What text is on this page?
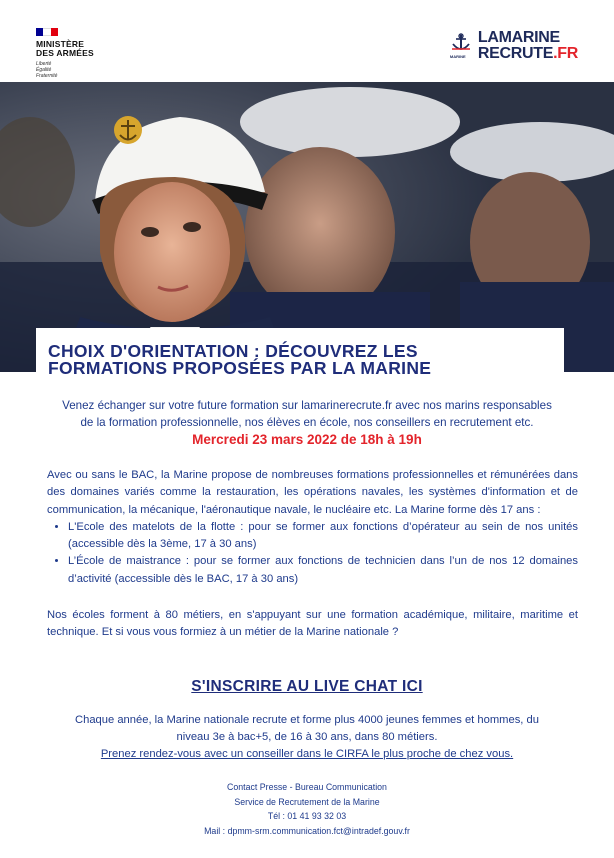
MINISTÈRE
DES ARMÉES
Liberté
Égalité
Fraternité
MARINE
LAMARINE
RECRUTE.FR
CHOIX D'ORIENTATION : DÉCOUVREZ LES
FORMATIONS PROPOSÉES PAR LA MARINE
Venez échanger sur votre future formation sur lamarinerecrute.fr avec nos marins responsables
de la formation professionnelle, nos élèves en école, nos conseillers en recrutement etc.
Mercredi 23 mars 2022 de 18h à 19h

Avec ou sans le BAC, la Marine propose de nombreuses formations professionnelles et rémunérées dans des domaines variés comme la restauration, les opérations navales, les systèmes d'information et de communication, la mécanique, l'aéronautique navale, le nucléaire etc. La Marine forme dès 17 ans :

• L'Ecole des matelots de la flotte : pour se former aux fonctions d’opérateur au sein de nos unités (accessible dès la 3ème, 17 à 30 ans)
• L’École de maistrance : pour se former aux fonctions de technicien dans l’un de nos 12 domaines d’activité (accessible dès le BAC, 17 à 30 ans)

Nos écoles forment à 80 métiers, en s'appuyant sur une formation académique, militaire, maritime et technique. Et si vous vous formiez à un métier de la Marine nationale ?

S'INSCRIRE AU LIVE CHAT ICI
Chaque année, la Marine nationale recrute et forme plus 4000 jeunes femmes et hommes, du
niveau 3e à bac+5, de 16 à 30 ans, dans 80 métiers.
Prenez rendez-vous avec un conseiller dans le CIRFA le plus proche de chez vous.
Contact Presse - Bureau Communication
Service de Recrutement de la Marine
Tél : 01 41 93 32 03
Mail : dpmm-srm.communication.fct@intradef.gouv.fr
